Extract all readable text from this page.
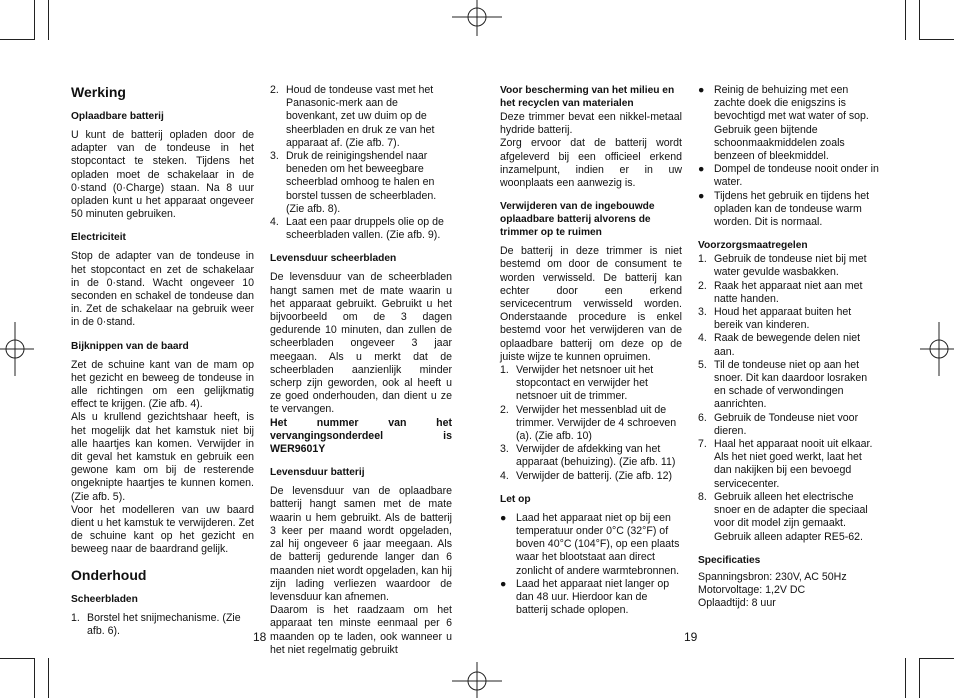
Werking
Oplaadbare batterij

U kunt de batterij opladen door de adapter van de tondeuse in het stopcontact te steken. Tijdens het opladen moet de schakelaar in de 0·stand (0·Charge) staan. Na 8 uur opladen kunt u het apparaat ongeveer 50 minuten gebruiken.

Electriciteit

Stop de adapter van de tondeuse in het stopcontact en zet de schakelaar in de 0·stand. Wacht ongeveer 10 seconden en schakel de tondeuse dan in. Zet de schakelaar na gebruik weer in de 0·stand.

Bijknippen van de baard

Zet de schuine kant van de mam op het gezicht en beweeg de tondeuse in alle richtingen om een gelijkmatig effect te krijgen. (Zie afb. 4).

Als u krullend gezichtshaar heeft, is het mogelijk dat het kamstuk niet bij alle haartjes kan komen. Verwijder in dit geval het kamstuk en gebruik een gewone kam om bij de resterende ongeknipte haartjes te kunnen komen. (Zie afb. 5).

Voor het modelleren van uw baard dient u het kamstuk te verwijderen. Zet de schuine kant op het gezicht en beweeg naar de baardrand gelijk.

Onderhoud
Scheerbladen
1. Borstel het snijmechanisme. (Zie afb. 6).	18
2. Houd de tondeuse vast met het Panasonic-merk aan de bovenkant, zet uw duim op de sheerbladen en druk ze van het apparaat af. (Zie afb. 7).
3. Druk de reinigingshendel naar beneden om het beweegbare scheerblad omhoog te halen en borstel tussen de scheerbladen. (Zie afb. 8).
4. Laat een paar druppels olie op de scheerbladen vallen. (Zie afb. 9).
Levensduur scheerbladen

De levensduur van de scheerbladen hangt samen met de mate waarin u het apparaat gebruikt. Gebruikt u het bijvoorbeeld om de 3 dagen gedurende 10 minuten, dan zullen de scheerbladen ongeveer 3 jaar meegaan. Als u merkt dat de scheerbladen aanzienlijk minder scherp zijn geworden, ook al heeft u ze goed onderhouden, dan dient u ze te vervangen.

Het nummer van het vervangingsonderdeel is WER9601Y

Levensduur batterij

De levensduur van de oplaadbare batterij hangt samen met de mate waarin u hem gebruikt. Als de batterij 3 keer per maand wordt opgeladen, zal hij ongeveer 6 jaar meegaan. Als de batterij gedurende langer dan 6 maanden niet wordt opgeladen, kan hij zijn lading verliezen waardoor de levensduur kan afnemen.

Daarom is het raadzaam om het apparaat ten minste eenmaal per 6 maanden op te laden, ook wanneer u het niet regelmatig gebruikt

Voor bescherming van het milieu en het recyclen van materialen

Deze trimmer bevat een nikkel-metaal hydride batterij.

Zorg ervoor dat de batterij wordt afgeleverd bij een officieel erkend inzamelpunt, indien er in uw woonplaats een aanwezig is.

Verwijderen van de ingebouwde oplaadbare batterij alvorens de trimmer op te ruimen

De batterij in deze trimmer is niet bestemd om door de consument te worden verwisseld. De batterij kan echter door een erkend servicecentrum verwisseld worden. Onderstaande procedure is enkel bestemd voor het verwijderen van de oplaadbare batterij om deze op de juiste wijze te kunnen opruimen.

1. Verwijder het netsnoer uit het stopcontact en verwijder het netsnoer uit de trimmer.
2. Verwijder het messenblad uit de trimmer. Verwijder de 4 schroeven (a). (Zie afb. 10)
3. Verwijder de afdekking van het apparaat (behuizing). (Zie afb. 11)
4. Verwijder de batterij. (Zie afb. 12)
Let op
● Laad het apparaat niet op bij een temperatuur onder 0°C (32°F) of boven 40°C (104°F), op een plaats waar het blootstaat aan direct zonlicht of andere warmtebronnen.
● Laad het apparaat niet langer op dan 48 uur. Hierdoor kan de batterij schade oplopen.
● Reinig de behuizing met een zachte doek die enigszins is bevochtigd met wat water of sop. Gebruik geen bijtende schoonmaakmiddelen zoals benzeen of bleekmiddel.
● Dompel de tondeuse nooit onder in water.
● Tijdens het gebruik en tijdens het opladen kan de tondeuse warm worden. Dit is normaal.
Voorzorgsmaatregelen
1. Gebruik de tondeuse niet bij met water gevulde wasbakken.
2. Raak het apparaat niet aan met natte handen.
3. Houd het apparaat buiten het bereik van kinderen.
4. Raak de bewegende delen niet aan.
5. Til de tondeuse niet op aan het snoer. Dit kan daardoor losraken en schade of verwondingen aanrichten.
6. Gebruik de Tondeuse niet voor dieren.
7. Haal het apparaat nooit uit elkaar. Als het niet goed werkt, laat het dan nakijken bij een bevoegd servicecenter.
8. Gebruik alleen het electrische snoer en de adapter die speciaal voor dit model zijn gemaakt. Gebruik alleen adapter RE5-62.
Specificaties

Spanningsbron: 230V, AC 50Hz

Motorvoltage: 1,2V DC

Oplaadtijd: 8 uur

19
